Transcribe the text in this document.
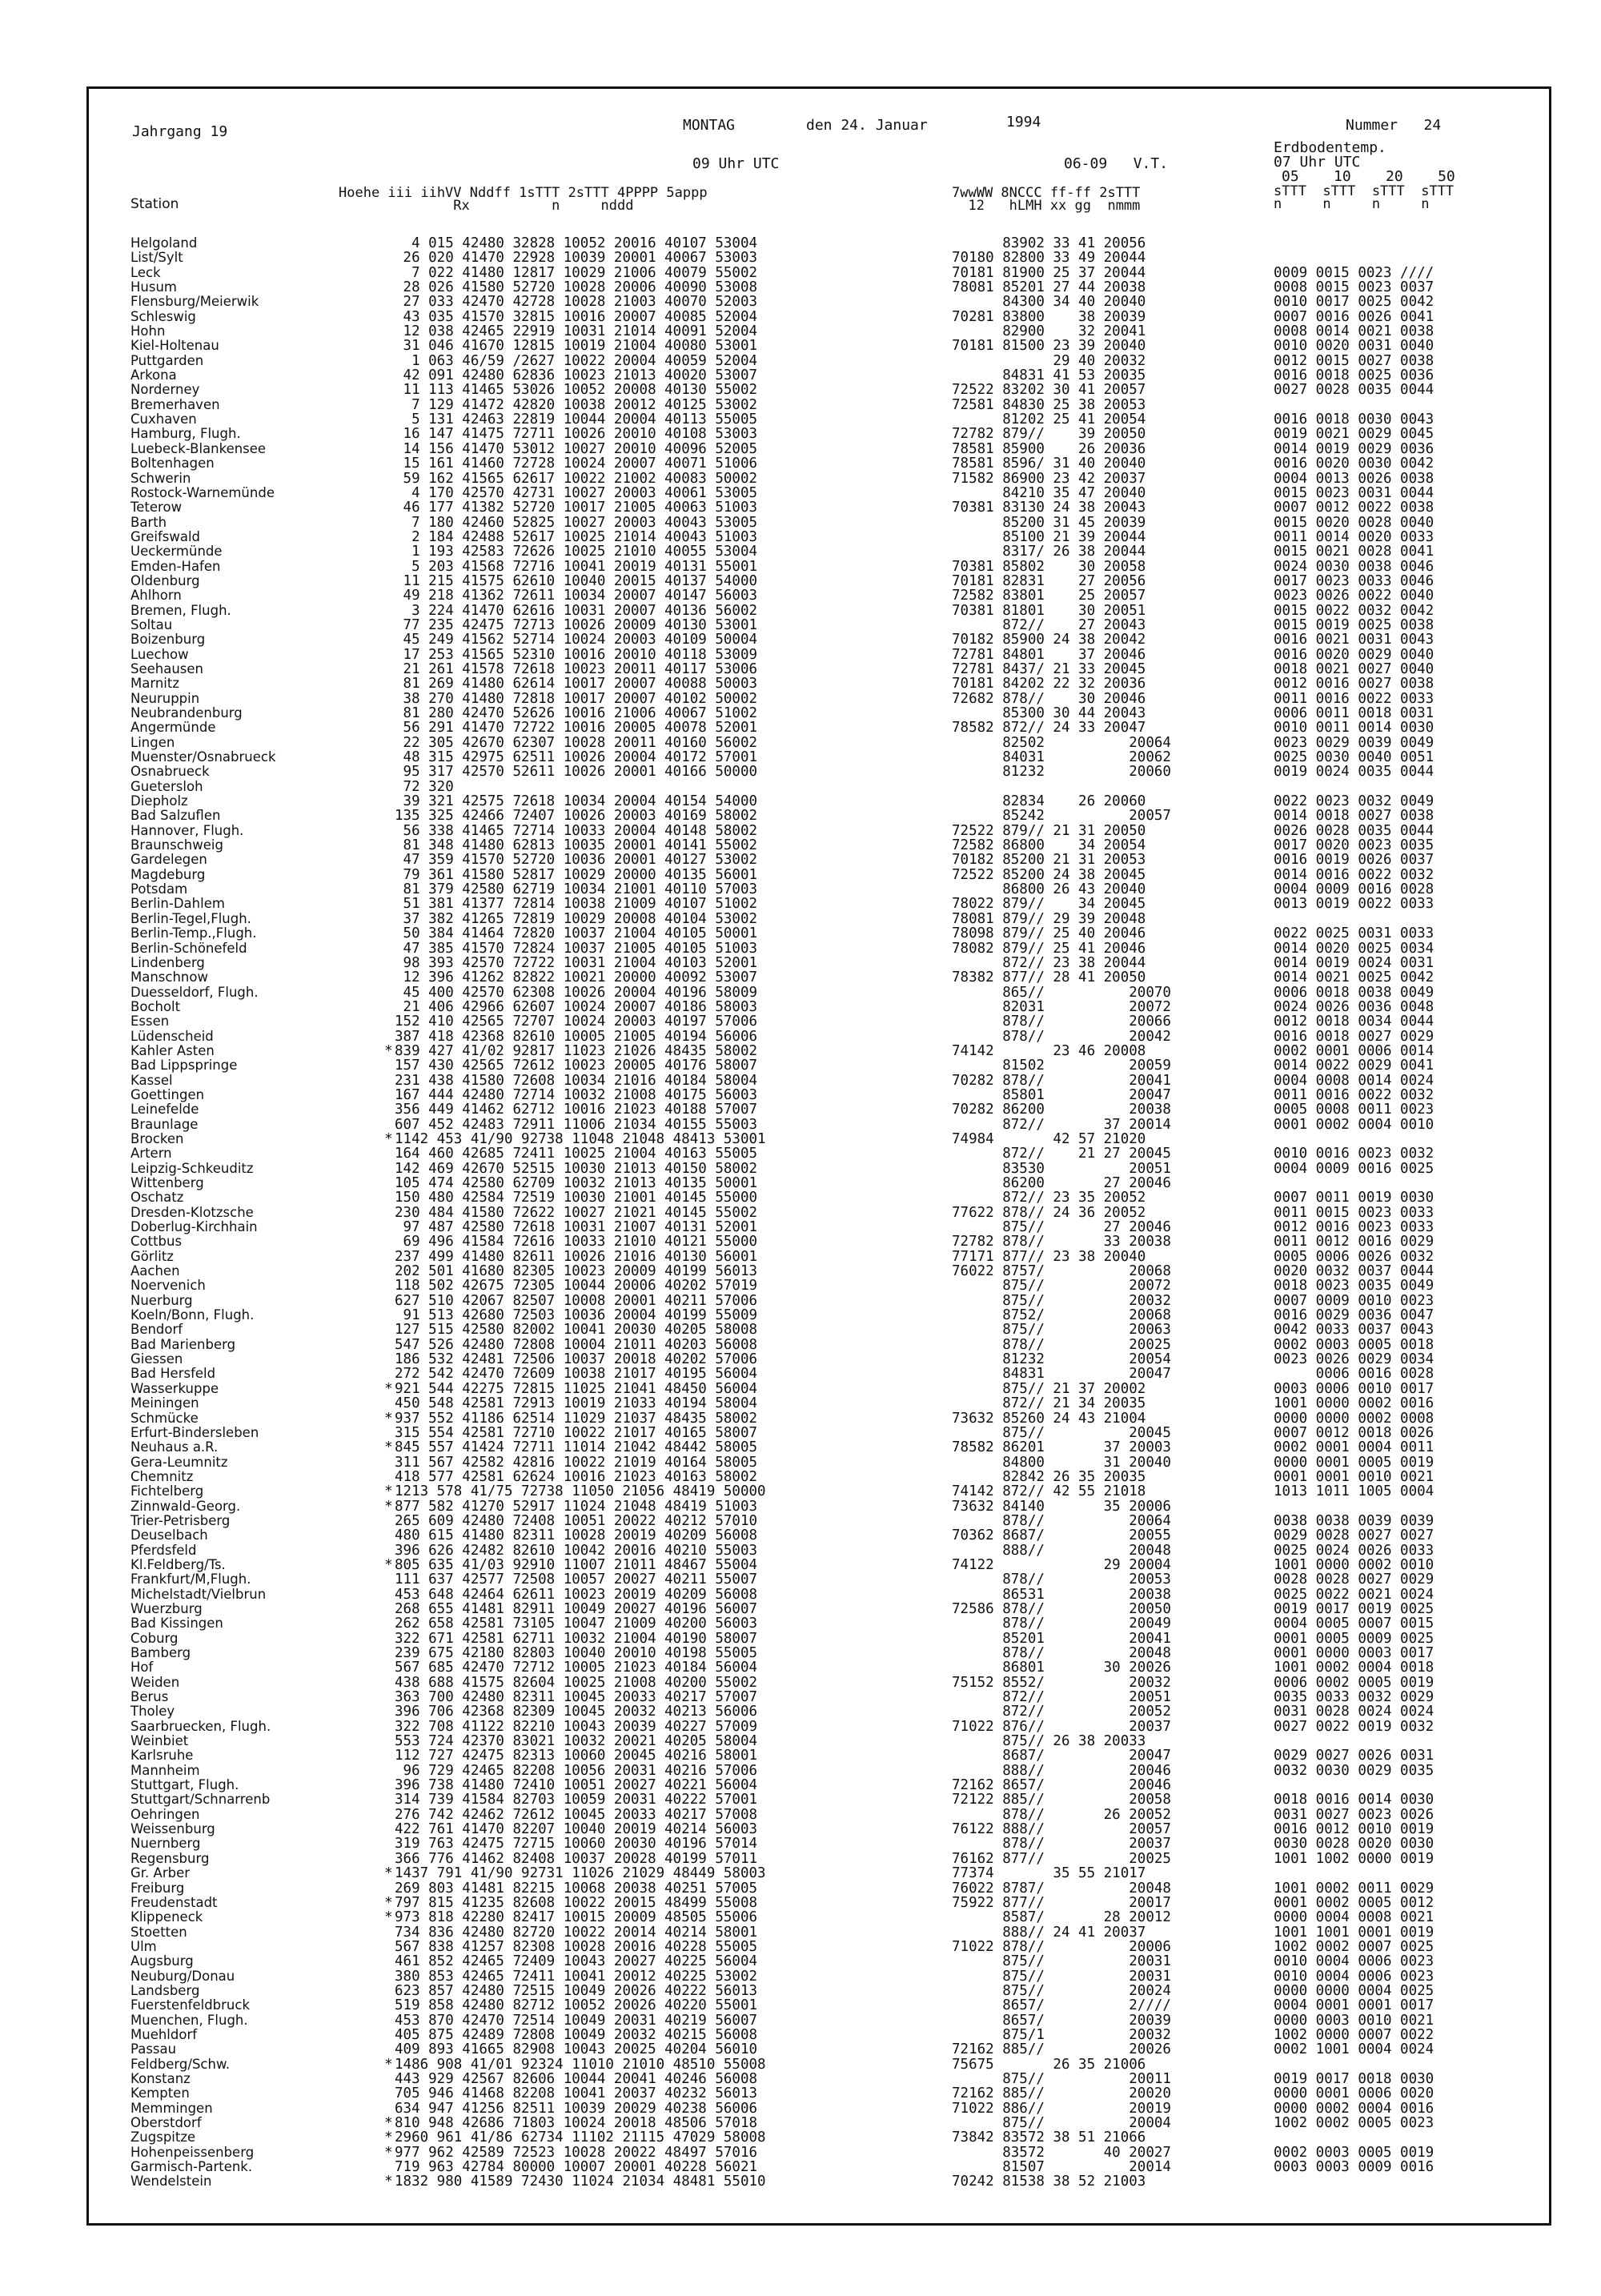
Jahrgang 19	MONTAG	den 24. Januar	1994	Nummer   24
Erdbodentemp.
09 Uhr UTC	06-09   V.T.	07 Uhr UTC
05    10    20    50
Station
Hoehe iii iihVV Nddff 1sTTT 2sTTT 4PPPP 5appp
Rx          n     nddd
7wwWW 8NCCC ff-ff 2sTTT
12   hLMH xx gg  nmmm
sTTT  sTTT  sTTT  sTTT
n     n     n     n
Helgoland	4 015 42480 32828 10052 20016 40107 53004	83902 33 41 20056
List/Sylt	26 020 41470 22928 10039 20001 40067 53003	70180 82800 33 49 20044
Leck	7 022 41480 12817 10029 21006 40079 55002	70181 81900 25 37 20044	0009 0015 0023 ////
Husum	28 026 41580 52720 10028 20006 40090 53008	78081 85201 27 44 20038	0008 0015 0023 0037
Flensburg/Meierwik	27 033 42470 42728 10028 21003 40070 52003	84300 34 40 20040	0010 0017 0025 0042
Schleswig	43 035 41570 32815 10016 20007 40085 52004	70281 83800    38 20039	0007 0016 0026 0041
Hohn	12 038 42465 22919 10031 21014 40091 52004	82900    32 20041	0008 0014 0021 0038
Kiel-Holtenau	31 046 41670 12815 10019 21004 40080 53001	70181 81500 23 39 20040	0010 0020 0031 0040
Puttgarden	1 063 46/59 /2627 10022 20004 40059 52004	29 40 20032	0012 0015 0027 0038
Arkona	42 091 42480 62836 10023 21013 40020 53007	84831 41 53 20035	0016 0018 0025 0036
Norderney	11 113 41465 53026 10052 20008 40130 55002	72522 83202 30 41 20057	0027 0028 0035 0044
Bremerhaven	7 129 41472 42820 10038 20012 40125 53002	72581 84830 25 38 20053
Cuxhaven	5 131 42463 22819 10044 20004 40113 55005	81202 25 41 20054	0016 0018 0030 0043
Hamburg, Flugh.	16 147 41475 72711 10026 20010 40108 53003	72782 879//    39 20050	0019 0021 0029 0045
Luebeck-Blankensee	14 156 41470 53012 10027 20010 40096 52005	78581 85900    26 20036	0014 0019 0029 0036
Boltenhagen	15 161 41460 72728 10024 20007 40071 51006	78581 8596/ 31 40 20040	0016 0020 0030 0042
Schwerin	59 162 41565 62617 10022 21002 40083 50002	71582 86900 23 42 20037	0004 0013 0026 0038
Rostock-Warnemünde	4 170 42570 42731 10027 20003 40061 53005	84210 35 47 20040	0015 0023 0031 0044
Teterow	46 177 41382 52720 10017 21005 40063 51003	70381 83130 24 38 20043	0007 0012 0022 0038
Barth	7 180 42460 52825 10027 20003 40043 53005	85200 31 45 20039	0015 0020 0028 0040
Greifswald	2 184 42488 52617 10025 21014 40043 51003	85100 21 39 20044	0011 0014 0020 0033
Ueckermünde	1 193 42583 72626 10025 21010 40055 53004	8317/ 26 38 20044	0015 0021 0028 0041
Emden-Hafen	5 203 41568 72716 10041 20019 40131 55001	70381 85802    30 20058	0024 0030 0038 0046
Oldenburg	11 215 41575 62610 10040 20015 40137 54000	70181 82831    27 20056	0017 0023 0033 0046
Ahlhorn	49 218 41362 72611 10034 20007 40147 56003	72582 83801    25 20057	0023 0026 0022 0040
Bremen, Flugh.	3 224 41470 62616 10031 20007 40136 56002	70381 81801    30 20051	0015 0022 0032 0042
Soltau	77 235 42475 72713 10026 20009 40130 53001	872//    27 20043	0015 0019 0025 0038
Boizenburg	45 249 41562 52714 10024 20003 40109 50004	70182 85900 24 38 20042	0016 0021 0031 0043
Luechow	17 253 41565 52310 10016 20010 40118 53009	72781 84801    37 20046	0016 0020 0029 0040
Seehausen	21 261 41578 72618 10023 20011 40117 53006	72781 8437/ 21 33 20045	0018 0021 0027 0040
Marnitz	81 269 41480 62614 10017 20007 40088 50003	70181 84202 22 32 20036	0012 0016 0027 0038
Neuruppin	38 270 41480 72818 10017 20007 40102 50002	72682 878//    30 20046	0011 0016 0022 0033
Neubrandenburg	81 280 42470 52626 10016 21006 40067 51002	85300 30 44 20043	0006 0011 0018 0031
Angermünde	56 291 41470 72722 10016 20005 40078 52001	78582 872// 24 33 20047	0010 0011 0014 0030
Lingen	22 305 42670 62307 10028 20011 40160 56002	82502          20064	0023 0029 0039 0049
Muenster/Osnabrueck	48 315 42975 62511 10026 20004 40172 57001	84031          20062	0025 0030 0040 0051
Osnabrueck	95 317 42570 52611 10026 20001 40166 50000	81232          20060	0019 0024 0035 0044
Guetersloh	72 320
Diepholz	39 321 42575 72618 10034 20004 40154 54000	82834    26 20060	0022 0023 0032 0049
Bad Salzuflen	135 325 42466 72407 10026 20003 40169 58002	85242          20057	0014 0018 0027 0038
Hannover, Flugh.	56 338 41465 72714 10033 20004 40148 58002	72522 879// 21 31 20050	0026 0028 0035 0044
Braunschweig	81 348 41480 62813 10035 20001 40141 55002	72582 86800    34 20054	0017 0020 0023 0035
Gardelegen	47 359 41570 52720 10036 20001 40127 53002	70182 85200 21 31 20053	0016 0019 0026 0037
Magdeburg	79 361 41580 52817 10029 20000 40135 56001	72522 85200 24 38 20045	0014 0016 0022 0032
Potsdam	81 379 42580 62719 10034 21001 40110 57003	86800 26 43 20040	0004 0009 0016 0028
Berlin-Dahlem	51 381 41377 72814 10038 21009 40107 51002	78022 879//    34 20045	0013 0019 0022 0033
Berlin-Tegel,Flugh.	37 382 41265 72819 10029 20008 40104 53002	78081 879// 29 39 20048
Berlin-Temp.,Flugh.	50 384 41464 72820 10037 21004 40105 50001	78098 879// 25 40 20046	0022 0025 0031 0033
Berlin-Schönefeld	47 385 41570 72824 10037 21005 40105 51003	78082 879// 25 41 20046	0014 0020 0025 0034
Lindenberg	98 393 42570 72722 10031 21004 40103 52001	872// 23 38 20044	0014 0019 0024 0031
Manschnow	12 396 41262 82822 10021 20000 40092 53007	78382 877// 28 41 20050	0014 0021 0025 0042
Duesseldorf, Flugh.	45 400 42570 62308 10026 20004 40196 58009	865//          20070	0006 0018 0038 0049
Bocholt	21 406 42966 62607 10024 20007 40186 58003	82031          20072	0024 0026 0036 0048
Essen	152 410 42565 72707 10024 20003 40197 57006	878//          20066	0012 0018 0034 0044
Lüdenscheid	387 418 42368 82610 10005 21005 40194 56006	878//          20042	0016 0018 0027 0029
Kahler Asten	* 839 427 41/02 92817 11023 21026 48435 58002	74142       23 46 20008	0002 0001 0006 0014
Bad Lippspringe	157 430 42565 72612 10023 20005 40176 58007	81502          20059	0014 0022 0029 0041
Kassel	231 438 41580 72608 10034 21016 40184 58004	70282 878//          20041	0004 0008 0014 0024
Goettingen	167 444 42480 72714 10032 21008 40175 56003	85801          20047	0011 0016 0022 0032
Leinefelde	356 449 41462 62712 10016 21023 40188 57007	70282 86200          20038	0005 0008 0011 0023
Braunlage	607 452 42483 72911 11006 21034 40155 55003	872//       37 20014	0001 0002 0004 0010
Brocken	* 1142 453 41/90 92738 11048 21048 48413 53001	74984       42 57 21020
Artern	164 460 42685 72411 10025 21004 40163 55005	872//    21 27 20045	0010 0016 0023 0032
Leipzig-Schkeuditz	142 469 42670 52515 10030 21013 40150 58002	83530          20051	0004 0009 0016 0025
Wittenberg	105 474 42580 62709 10032 21013 40135 50001	86200       27 20046
Oschatz	150 480 42584 72519 10030 21001 40145 55000	872// 23 35 20052	0007 0011 0019 0030
Dresden-Klotzsche	230 484 41580 72622 10027 21021 40145 55002	77622 878// 24 36 20052	0011 0015 0023 0033
Doberlug-Kirchhain	97 487 42580 72618 10031 21007 40131 52001	875//       27 20046	0012 0016 0023 0033
Cottbus	69 496 41584 72616 10033 21010 40121 55000	72782 878//       33 20038	0011 0012 0016 0029
Görlitz	237 499 41480 82611 10026 21016 40130 56001	77171 877// 23 38 20040	0005 0006 0026 0032
Aachen	202 501 41680 82305 10023 20009 40199 56013	76022 8757/          20068	0020 0032 0037 0044
Noervenich	118 502 42675 72305 10044 20006 40202 57019	875//          20072	0018 0023 0035 0049
Nuerburg	627 510 42067 82507 10008 20001 40211 57006	875//          20032	0007 0009 0010 0023
Koeln/Bonn, Flugh.	91 513 42680 72503 10036 20004 40199 55009	8752/          20068	0016 0029 0036 0047
Bendorf	127 515 42580 82002 10041 20030 40205 58008	875//          20063	0042 0033 0037 0043
Bad Marienberg	547 526 42480 72808 10004 21011 40203 56008	878//          20025	0002 0003 0005 0018
Giessen	186 532 42481 72506 10037 20018 40202 57006	81232          20054	0023 0026 0029 0034
Bad Hersfeld	272 542 42470 72609 10038 21017 40195 56004	84831          20047	0006 0016 0028
Wasserkuppe	* 921 544 42275 72815 11025 21041 48450 56004	875// 21 37 20002	0003 0006 0010 0017
Meiningen	450 548 42581 72913 10019 21033 40194 58004	872// 21 34 20035	1001 0000 0002 0016
Schmücke	* 937 552 41186 62514 11029 21037 48435 58002	73632 85260 24 43 21004	0000 0000 0002 0008
Erfurt-Bindersleben	315 554 42581 72710 10022 21017 40165 58007	875//          20045	0007 0012 0018 0026
Neuhaus a.R.	* 845 557 41424 72711 11014 21042 48442 58005	78582 86201       37 20003	0002 0001 0004 0011
Gera-Leumnitz	311 567 42582 42816 10022 21019 40164 58005	84800       31 20040	0000 0001 0005 0019
Chemnitz	418 577 42581 62624 10016 21023 40163 58002	82842 26 35 20035	0001 0001 0010 0021
Fichtelberg	* 1213 578 41/75 72738 11050 21056 48419 50000	74142 872// 42 55 21018	1013 1011 1005 0004
Zinnwald-Georg.	* 877 582 41270 52917 11024 21048 48419 51003	73632 84140       35 20006
Trier-Petrisberg	265 609 42480 72408 10051 20022 40212 57010	878//          20064	0038 0038 0039 0039
Deuselbach	480 615 41480 82311 10028 20019 40209 56008	70362 8687/          20055	0029 0028 0027 0027
Pferdsfeld	396 626 42482 82610 10042 20016 40210 55003	888//          20048	0025 0024 0026 0033
Kl.Feldberg/Ts.	* 805 635 41/03 92910 11007 21011 48467 55004	74122             29 20004	1001 0000 0002 0010
Frankfurt/M,Flugh.	111 637 42577 72508 10057 20027 40211 55007	878//          20053	0028 0028 0027 0029
Michelstadt/Vielbrun	453 648 42464 62611 10023 20019 40209 56008	86531          20038	0025 0022 0021 0024
Wuerzburg	268 655 41481 82911 10049 20027 40196 56007	72586 878//          20050	0019 0017 0019 0025
Bad Kissingen	262 658 42581 73105 10047 21009 40200 56003	878//          20049	0004 0005 0007 0015
Coburg	322 671 42581 62711 10032 21004 40190 58007	85201          20041	0001 0005 0009 0025
Bamberg	239 675 42180 82803 10040 20010 40198 55005	878//          20048	0001 0000 0003 0017
Hof	567 685 42470 72712 10005 21023 40184 56004	86801       30 20026	1001 0002 0004 0018
Weiden	438 688 41575 82604 10025 21008 40200 55002	75152 8552/          20032	0006 0002 0005 0019
Berus	363 700 42480 82311 10045 20033 40217 57007	872//          20051	0035 0033 0032 0029
Tholey	396 706 42368 82309 10045 20032 40213 56006	872//          20052	0031 0028 0024 0024
Saarbruecken, Flugh.	322 708 41122 82210 10043 20039 40227 57009	71022 876//          20037	0027 0022 0019 0032
Weinbiet	553 724 42370 83021 10032 20021 40205 58004	875// 26 38 20033
Karlsruhe	112 727 42475 82313 10060 20045 40216 58001	8687/          20047	0029 0027 0026 0031
Mannheim	96 729 42465 82208 10056 20031 40216 57006	888//          20046	0032 0030 0029 0035
Stuttgart, Flugh.	396 738 41480 72410 10051 20027 40221 56004	72162 8657/          20046
Stuttgart/Schnarrenb	314 739 41584 82703 10059 20031 40222 57001	72122 885//          20058	0018 0016 0014 0030
Oehringen	276 742 42462 72612 10045 20033 40217 57008	878//       26 20052	0031 0027 0023 0026
Weissenburg	422 761 41470 82207 10040 20019 40214 56003	76122 888//          20057	0016 0012 0010 0019
Nuernberg	319 763 42475 72715 10060 20030 40196 57014	878//          20037	0030 0028 0020 0030
Regensburg	366 776 41462 82408 10037 20028 40199 57011	76162 877//          20025	1001 1002 0000 0019
Gr. Arber	* 1437 791 41/90 92731 11026 21029 48449 58003	77374       35 55 21017
Freiburg	269 803 41481 82215 10068 20038 40251 57005	76022 8787/          20048	1001 0002 0011 0029
Freudenstadt	* 797 815 41235 82608 10022 20015 48499 55008	75922 877//          20017	0001 0002 0005 0012
Klippeneck	* 973 818 42280 82417 10015 20009 48505 55006	8587/       28 20012	0000 0004 0008 0021
Stoetten	734 836 42480 82720 10022 20014 40214 58001	888// 24 41 20037	1001 1001 0001 0019
Ulm	567 838 41257 82308 10028 20016 40228 55005	71022 878//          20006	1002 0002 0007 0025
Augsburg	461 852 42465 72409 10043 20027 40225 56004	875//          20031	0010 0004 0006 0023
Neuburg/Donau	380 853 42465 72411 10041 20012 40225 53002	875//          20031	0010 0004 0006 0023
Landsberg	623 857 42480 72515 10049 20026 40222 56013	875//          20024	0000 0000 0004 0025
Fuerstenfeldbruck	519 858 42480 82712 10052 20026 40220 55001	8657/          2////	0004 0001 0001 0017
Muenchen, Flugh.	453 870 42470 72514 10049 20031 40219 56007	8657/          20039	0000 0003 0010 0021
Muehldorf	405 875 42489 72808 10049 20032 40215 56008	875/1          20032	1002 0000 0007 0022
Passau	409 893 41665 82908 10043 20025 40204 56010	72162 885//          20026	0002 1001 0004 0024
Feldberg/Schw.	* 1486 908 41/01 92324 11010 21010 48510 55008	75675       26 35 21006
Konstanz	443 929 42567 82606 10044 20041 40246 56008	875//          20011	0019 0017 0018 0030
Kempten	705 946 41468 82208 10041 20037 40232 56013	72162 885//          20020	0000 0001 0006 0020
Memmingen	634 947 41256 82511 10039 20029 40238 56006	71022 886//          20019	0000 0002 0004 0016
Oberstdorf	* 810 948 42686 71803 10024 20018 48506 57018	875//          20004	1002 0002 0005 0023
Zugspitze	* 2960 961 41/86 62734 11102 21115 47029 58008	73842 83572 38 51 21066
Hohenpeissenberg	* 977 962 42589 72523 10028 20022 48497 57016	83572       40 20027	0002 0003 0005 0019
Garmisch-Partenk.	719 963 42784 80000 10007 20001 40228 56021	81507          20014	0003 0003 0009 0016
Wendelstein	* 1832 980 41589 72430 11024 21034 48481 55010	70242 81538 38 52 21003
